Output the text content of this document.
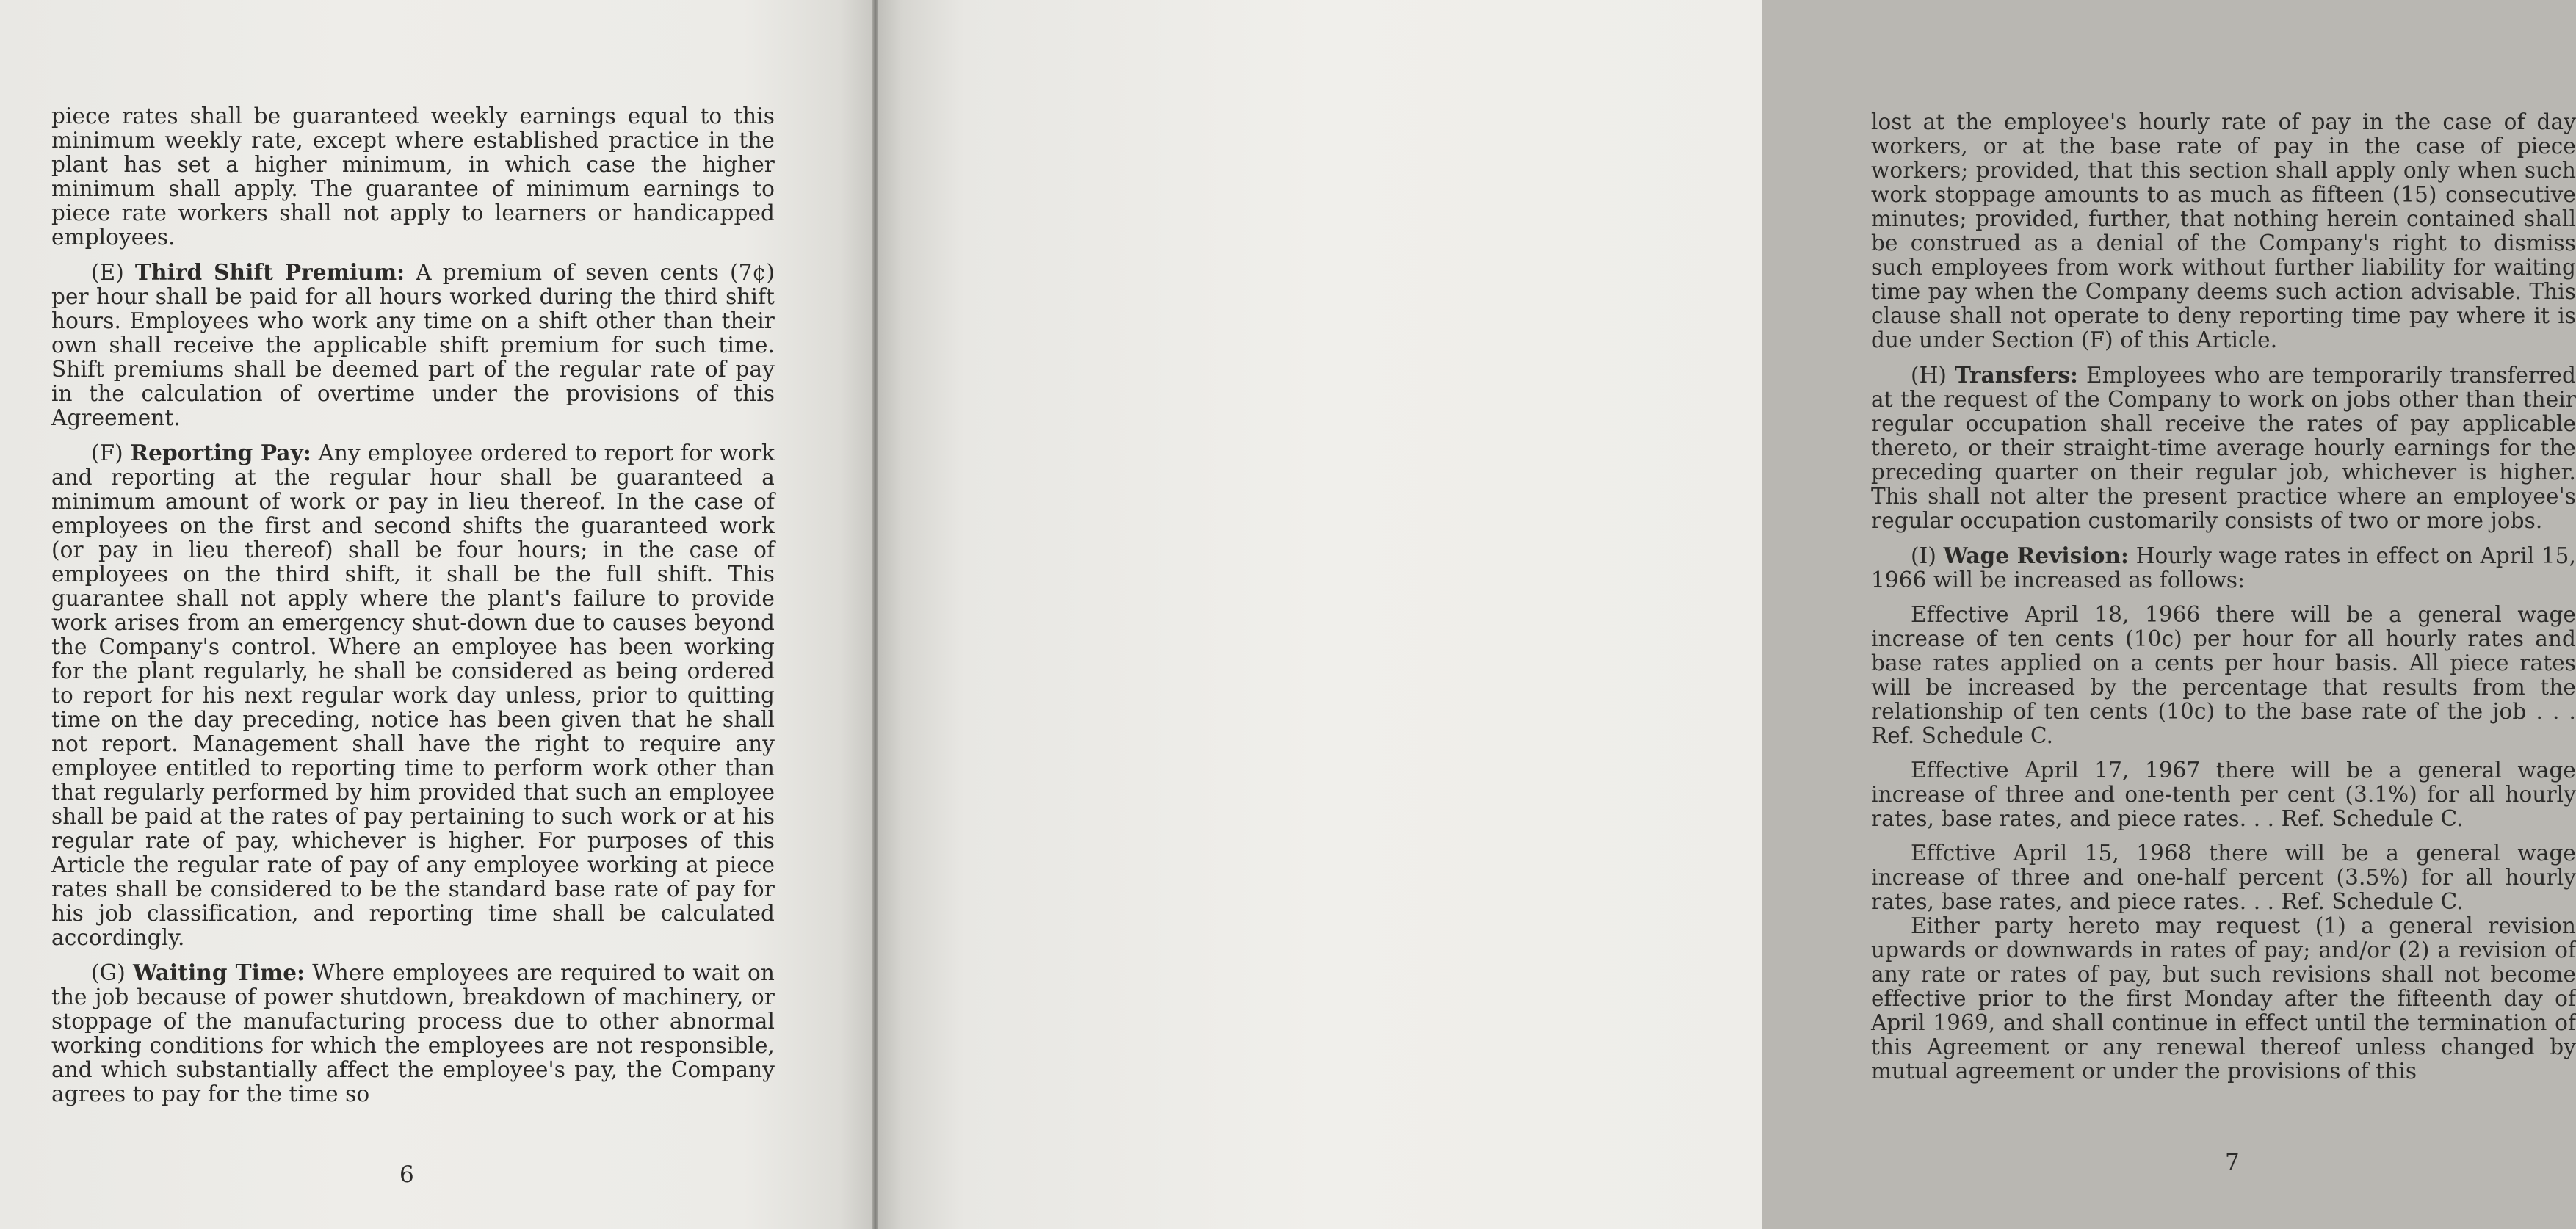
piece rates shall be guaranteed weekly earnings equal to this minimum weekly rate, except where established practice in the plant has set a higher minimum, in which case the higher minimum shall apply. The guarantee of minimum earnings to piece rate workers shall not apply to learners or handicapped employees.

(E) Third Shift Premium: A premium of seven cents (7¢) per hour shall be paid for all hours worked during the third shift hours. Employees who work any time on a shift other than their own shall receive the applicable shift premium for such time. Shift premiums shall be deemed part of the regular rate of pay in the calculation of overtime under the provisions of this Agreement.

(F) Reporting Pay: Any employee ordered to report for work and reporting at the regular hour shall be guaranteed a minimum amount of work or pay in lieu thereof. In the case of employees on the first and second shifts the guaranteed work (or pay in lieu thereof) shall be four hours; in the case of employees on the third shift, it shall be the full shift. This guarantee shall not apply where the plant's failure to provide work arises from an emergency shut-down due to causes beyond the Company's control. Where an employee has been working for the plant regularly, he shall be considered as being ordered to report for his next regular work day unless, prior to quitting time on the day preceding, notice has been given that he shall not report. Management shall have the right to require any employee entitled to reporting time to perform work other than that regularly performed by him provided that such an employee shall be paid at the rates of pay pertaining to such work or at his regular rate of pay, whichever is higher. For purposes of this Article the regular rate of pay of any employee working at piece rates shall be considered to be the standard base rate of pay for his job classification, and reporting time shall be calculated accordingly.

(G) Waiting Time: Where employees are required to wait on the job because of power shutdown, breakdown of machinery, or stoppage of the manufacturing process due to other abnormal working conditions for which the employees are not responsible, and which substantially affect the employee's pay, the Company agrees to pay for the time so

6

lost at the employee's hourly rate of pay in the case of day workers, or at the base rate of pay in the case of piece workers; provided, that this section shall apply only when such work stoppage amounts to as much as fifteen (15) consecutive minutes; provided, further, that nothing herein contained shall be construed as a denial of the Company's right to dismiss such employees from work without further liability for waiting time pay when the Company deems such action advisable. This clause shall not operate to deny reporting time pay where it is due under Section (F) of this Article.

(H) Transfers: Employees who are temporarily transferred at the request of the Company to work on jobs other than their regular occupation shall receive the rates of pay applicable thereto, or their straight-time average hourly earnings for the preceding quarter on their regular job, whichever is higher. This shall not alter the present practice where an employee's regular occupation customarily consists of two or more jobs.

(I) Wage Revision: Hourly wage rates in effect on April 15, 1966 will be increased as follows:

Effective April 18, 1966 there will be a general wage increase of ten cents (10c) per hour for all hourly rates and base rates applied on a cents per hour basis. All piece rates will be increased by the percentage that results from the relationship of ten cents (10c) to the base rate of the job . . . Ref. Schedule C.

Effective April 17, 1967 there will be a general wage increase of three and one-tenth per cent (3.1%) for all hourly rates, base rates, and piece rates. . . Ref. Schedule C.

Effctive April 15, 1968 there will be a general wage increase of three and one-half percent (3.5%) for all hourly rates, base rates, and piece rates. . . Ref. Schedule C.

Either party hereto may request (1) a general revision upwards or downwards in rates of pay; and/or (2) a revision of any rate or rates of pay, but such revisions shall not become effective prior to the first Monday after the fifteenth day of April 1969, and shall continue in effect until the termination of this Agreement or any renewal thereof unless changed by mutual agreement or under the provisions of this

7
